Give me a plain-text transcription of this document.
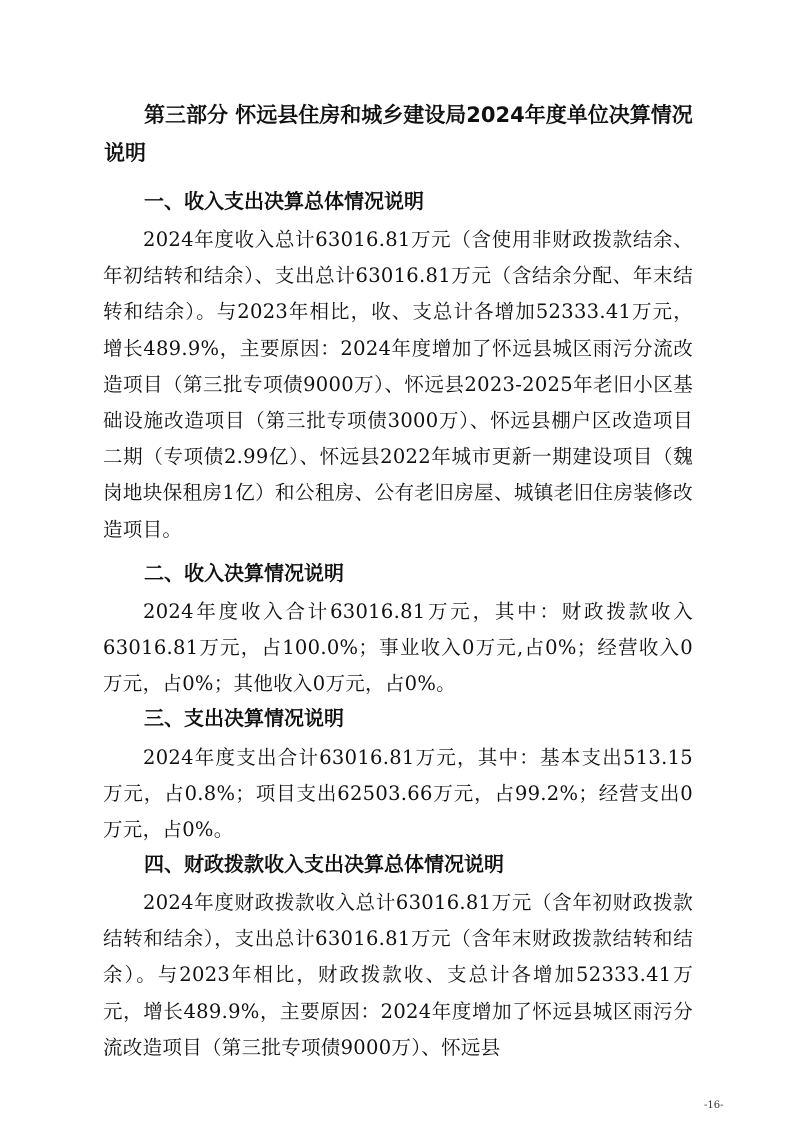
第三部分 怀远县住房和城乡建设局2024年度单位决算情况说明
一、收入支出决算总体情况说明

2024年度收入总计63016.81万元（含使用非财政拨款结余、年初结转和结余）、支出总计63016.81万元（含结余分配、年末结转和结余）。与2023年相比，收、支总计各增加52333.41万元，增长489.9%，主要原因：2024年度增加了怀远县城区雨污分流改造项目（第三批专项债9000万）、怀远县2023-2025年老旧小区基础设施改造项目（第三批专项债3000万）、怀远县棚户区改造项目二期（专项债2.99亿）、怀远县2022年城市更新一期建设项目（魏岗地块保租房1亿）和公租房、公有老旧房屋、城镇老旧住房装修改造项目。

二、收入决算情况说明

2024年度收入合计63016.81万元，其中：财政拨款收入63016.81万元，占100.0%；事业收入0万元,占0%；经营收入0万元，占0%；其他收入0万元，占0%。

三、支出决算情况说明

2024年度支出合计63016.81万元，其中：基本支出513.15万元，占0.8%；项目支出62503.66万元，占99.2%；经营支出0万元，占0%。

四、财政拨款收入支出决算总体情况说明

2024年度财政拨款收入总计63016.81万元（含年初财政拨款结转和结余），支出总计63016.81万元（含年末财政拨款结转和结余）。与2023年相比，财政拨款收、支总计各增加52333.41万元，增长489.9%，主要原因：2024年度增加了怀远县城区雨污分流改造项目（第三批专项债9000万）、怀远县

-16-
